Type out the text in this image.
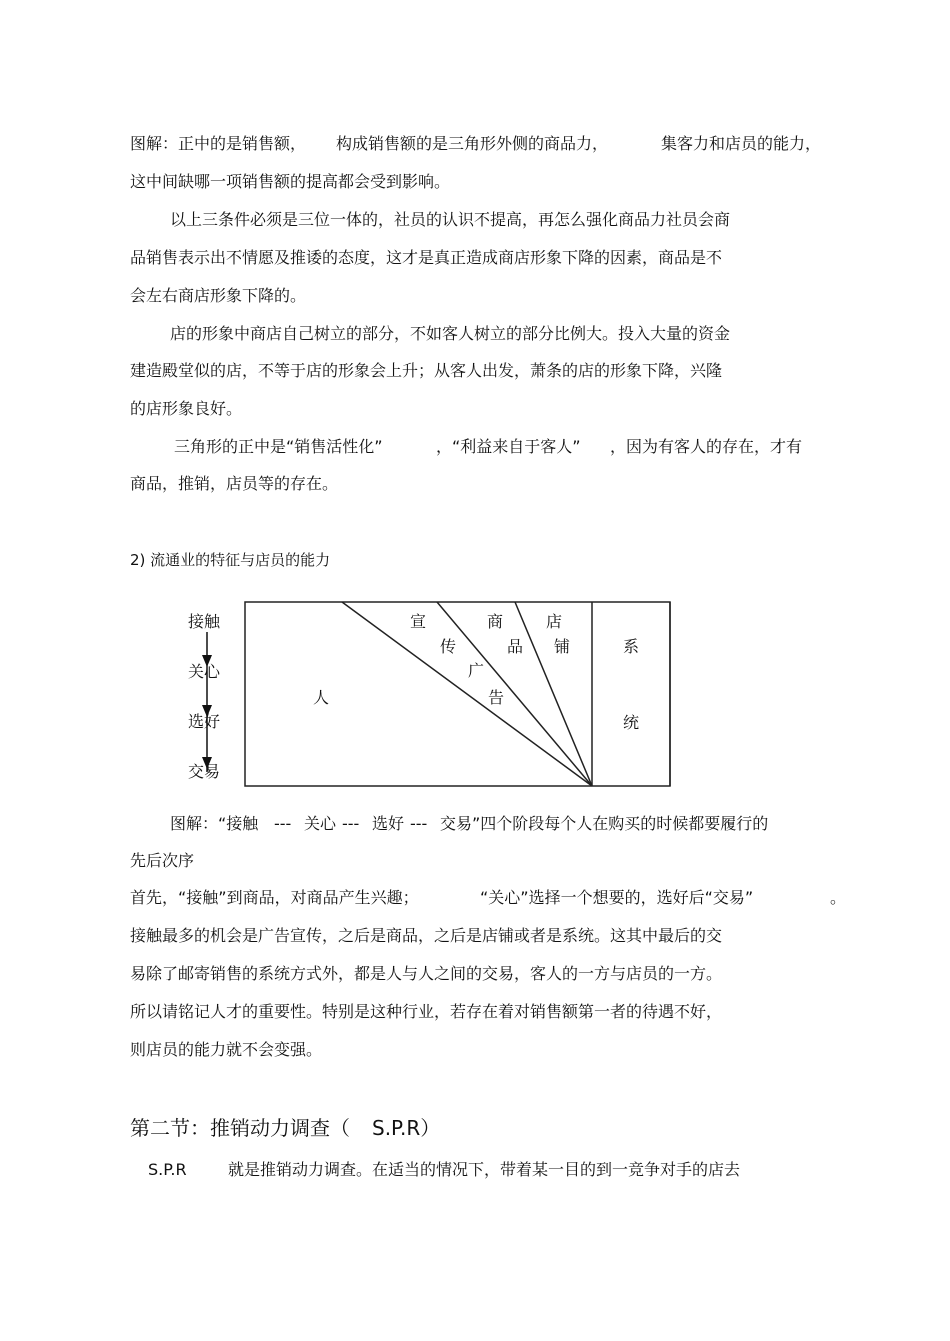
图解：正中的是销售额， 构成销售额的是三角形外侧的商品力，	集客力和店员的能力，
这中间缺哪一项销售额的提高都会受到影响。
以上三条件必须是三位一体的，社员的认识不提高，再怎么强化商品力社员会商
品销售表示出不情愿及推诿的态度，这才是真正造成商店形象下降的因素，商品是不
会左右商店形象下降的。
店的形象中商店自己树立的部分，不如客人树立的部分比例大。投入大量的资金
建造殿堂似的店，不等于店的形象会上升；从客人出发，萧条的店的形象下降，兴隆
的店形象良好。
三角形的正中是“销售活性化”	，“利益来自于客人” ，因为有客人的存在，才有
商品，推销，店员等的存在。
2) 流通业的特征与店员的能力
接触
关心
选好
交易
人
宣
传
广
告
商
品
店
铺	系
统
图解：“接触 --- 关心 --- 选好 --- 交易”四个阶段每个人在购买的时候都要履行的
先后次序
首先，“接触”到商品，对商品产生兴趣；	“关心”选择一个想要的，选好后“交易”	。
接触最多的机会是广告宣传，之后是商品，之后是店铺或者是系统。这其中最后的交
易除了邮寄销售的系统方式外，都是人与人之间的交易，客人的一方与店员的一方。
所以请铭记人才的重要性。特别是这种行业，若存在着对销售额第一者的待遇不好，
则店员的能力就不会变强。
第二节：推销动力调查（ S.P.R）
S.P.R	就是推销动力调查。在适当的情况下，带着某一目的到一竞争对手的店去
